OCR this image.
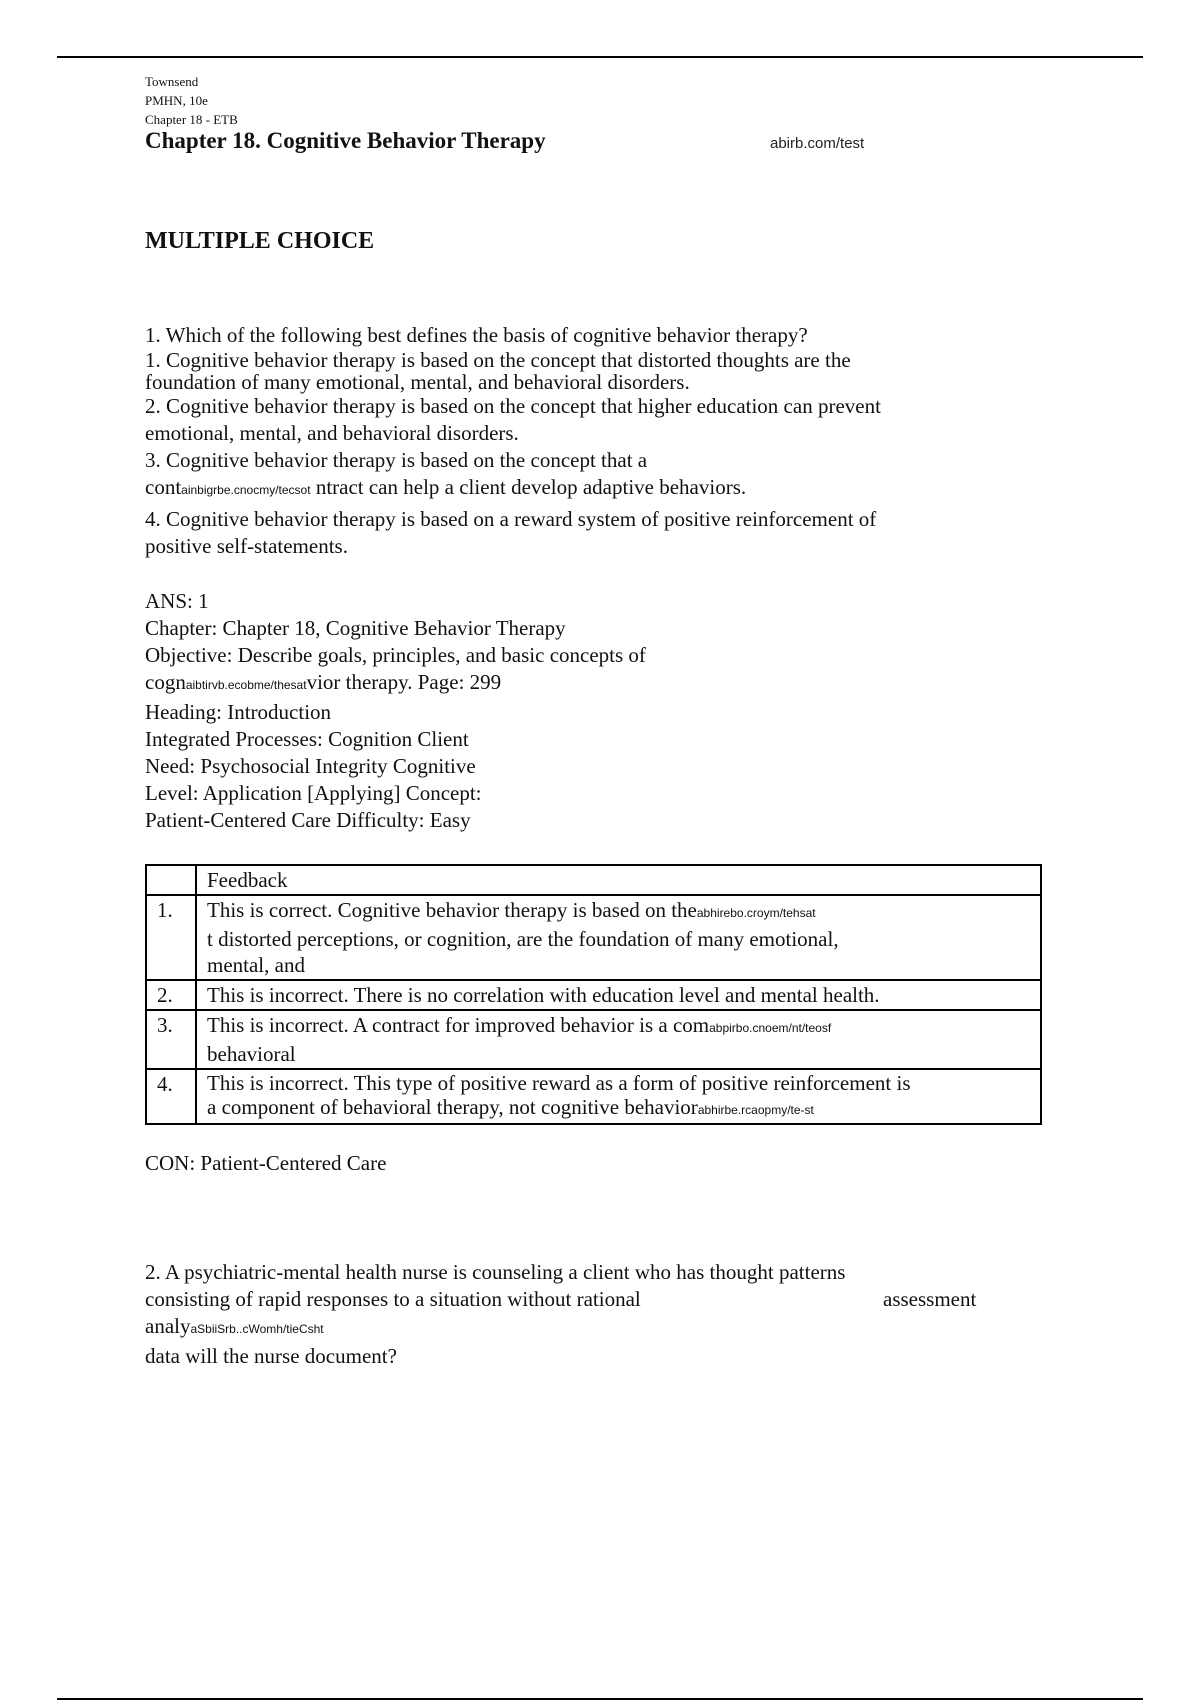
Townsend
PMHN, 10e
Chapter 18 - ETB
Chapter 18. Cognitive Behavior Therapy	abirb.com/test
MULTIPLE CHOICE

1. Which of the following best defines the basis of cognitive behavior therapy?

1. Cognitive behavior therapy is based on the concept that distorted thoughts are the
foundation of many emotional, mental, and behavioral disorders.

2. Cognitive behavior therapy is based on the concept that higher education can prevent
emotional, mental, and behavioral disorders.

3. Cognitive behavior therapy is based on the concept that a
containbigrbe.cnocmy/tecsot ntract can help a client develop adaptive behaviors.

4. Cognitive behavior therapy is based on a reward system of positive reinforcement of
positive self-statements.

ANS: 1

Chapter: Chapter 18, Cognitive Behavior Therapy

Objective: Describe goals, principles, and basic concepts of

cognaibtirvb.ecobme/thesatvior therapy. Page: 299

Heading: Introduction

Integrated Processes: Cognition Client

Need: Psychosocial Integrity Cognitive

Level: Application [Applying] Concept:

Patient-Centered Care Difficulty: Easy

	Feedback
1.	This is correct. Cognitive behavior therapy is based on theabhirebo.croym/tehsat
t distorted perceptions, or cognition, are the foundation of many emotional,
mental, and
2.	This is incorrect. There is no correlation with education level and mental health.
3.	This is incorrect. A contract for improved behavior is a comabpirbo.cnoem/nt/teosf
behavioral
4.	This is incorrect. This type of positive reward as a form of positive reinforcement is
a component of behavioral therapy, not cognitive behaviorabhirbe.rcaopmy/te-st
CON: Patient-Centered Care

2. A psychiatric-mental health nurse is counseling a client who has thought patterns

consisting of rapid responses to a situation without rational	assessment

analyaSbiiSrb..cWomh/tieCsht

data will the nurse document?
